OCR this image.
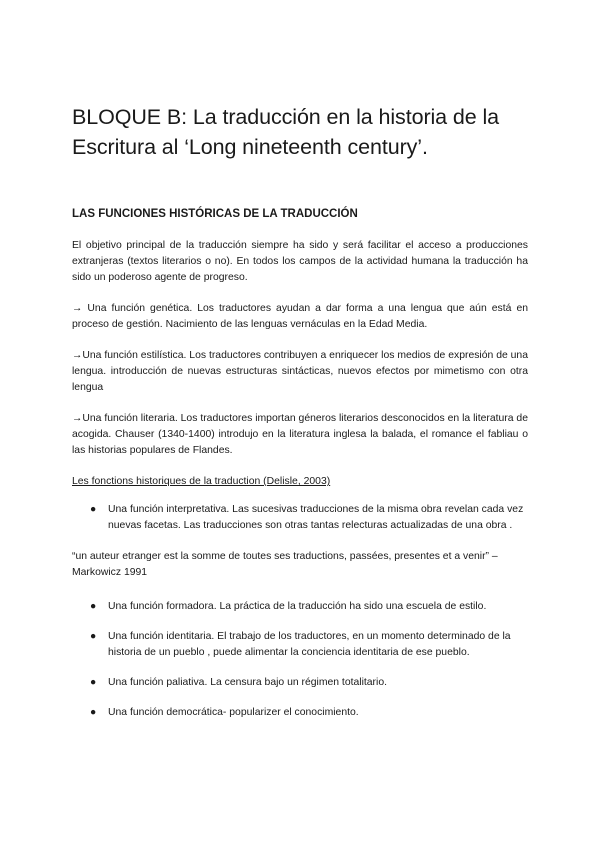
BLOQUE B: La traducción en la historia de la Escritura al ‘Long nineteenth century’.
LAS FUNCIONES HISTÓRICAS DE LA TRADUCCIÓN

El objetivo principal de la traducción siempre ha sido y será facilitar el acceso a producciones extranjeras (textos literarios o no). En todos los campos de la actividad humana la traducción ha sido un poderoso agente de progreso.

→ Una función genética. Los traductores ayudan a dar forma a una lengua que aún está en proceso de gestión. Nacimiento de las lenguas vernáculas en la Edad Media.

→Una función estilística. Los traductores contribuyen a enriquecer los medios de expresión de una lengua. introducción de nuevas estructuras sintácticas, nuevos efectos por mimetismo con otra lengua

→Una función literaria. Los traductores importan géneros literarios desconocidos en la literatura de acogida. Chauser (1340-1400) introdujo en la literatura inglesa la balada, el romance el fabliau o las historias populares de Flandes.

Les fonctions historiques de la traduction (Delisle, 2003)
● Una función interpretativa. Las sucesivas traducciones de la misma obra revelan cada vez nuevas facetas. Las traducciones son otras tantas relecturas actualizadas de una obra .

“un auteur etranger est la somme de toutes ses traductions, passées, presentes et a venir” – Markowicz 1991

● Una función formadora. La práctica de la traducción ha sido una escuela de estilo.
● Una función identitaria. El trabajo de los traductores, en un momento determinado de la historia de un pueblo , puede alimentar la conciencia identitaria de ese pueblo.
● Una función paliativa. La censura bajo un régimen totalitario.
● Una función democrática- popularizer el conocimiento.
